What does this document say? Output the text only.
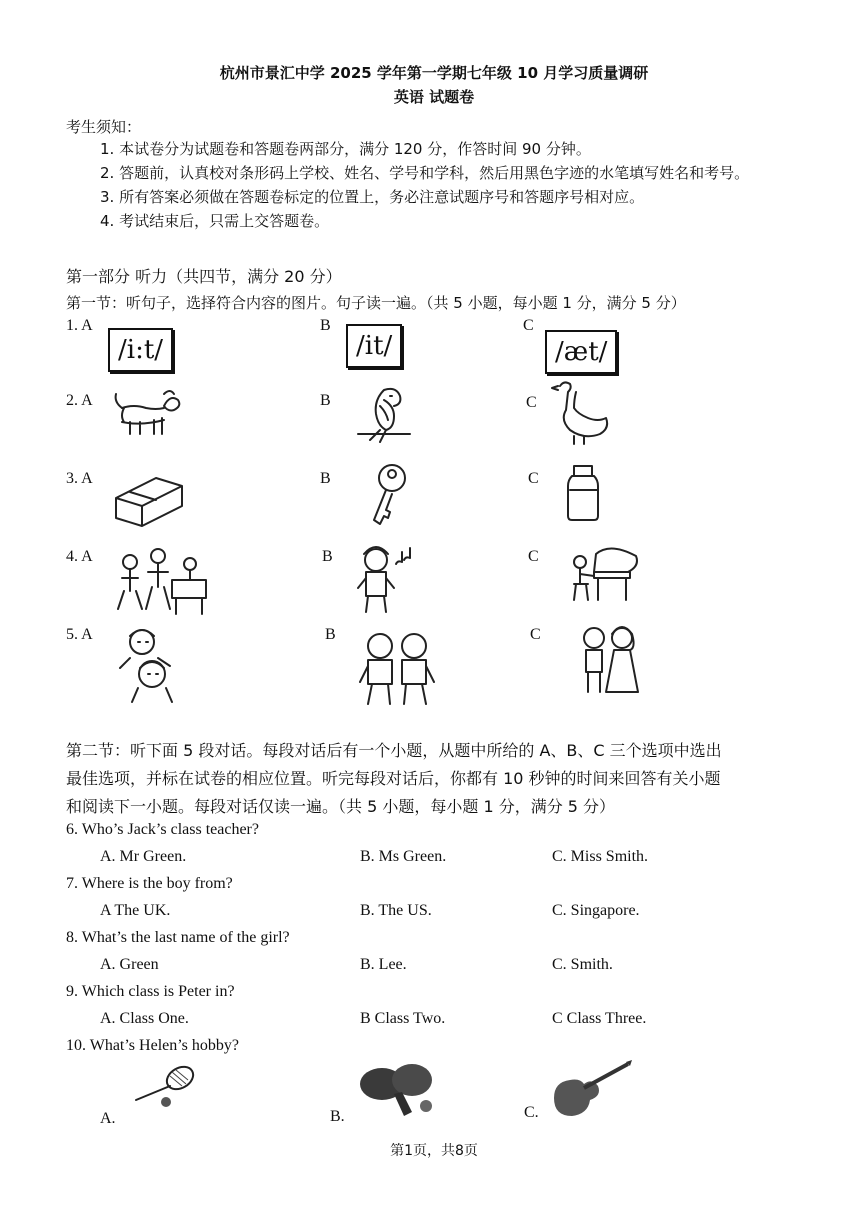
杭州市景汇中学 2025 学年第一学期七年级 10 月学习质量调研
英语 试题卷
考生须知：
1. 本试卷分为试题卷和答题卷两部分，满分 120 分，作答时间 90 分钟。
2. 答题前，认真校对条形码上学校、姓名、学号和学科，然后用黑色字迹的水笔填写姓名和考号。
3. 所有答案必须做在答题卷标定的位置上，务必注意试题序号和答题序号相对应。
4. 考试结束后，只需上交答题卷。
第一部分 听力（共四节，满分 20 分）
第一节：听句子，选择符合内容的图片。句子读一遍。（共 5 小题，每小题 1 分，满分 5 分）
1. A
/i:t/
B
/it/
C
/æt/
2. A	B	C
3. A	B	C
4. A	B	C
5. A	B	C
第二节：听下面 5 段对话。每段对话后有一个小题，从题中所给的 A、B、C 三个选项中选出
最佳选项，并标在试卷的相应位置。听完每段对话后，你都有 10 秒钟的时间来回答有关小题
和阅读下一小题。每段对话仅读一遍。（共 5 小题，每小题 1 分，满分 5 分）
6. Who’s Jack’s class teacher?
A. Mr Green.	B. Ms Green.	C. Miss Smith.
7. Where is the boy from?
A The UK.	B. The US.	C. Singapore.
8. What’s the last name of the girl?
A. Green	B. Lee.	C. Smith.
9. Which class is Peter in?
A. Class One.	B Class Two.	C Class Three.
10. What’s Helen’s hobby?
A.	B.	C.
第1页，共8页
